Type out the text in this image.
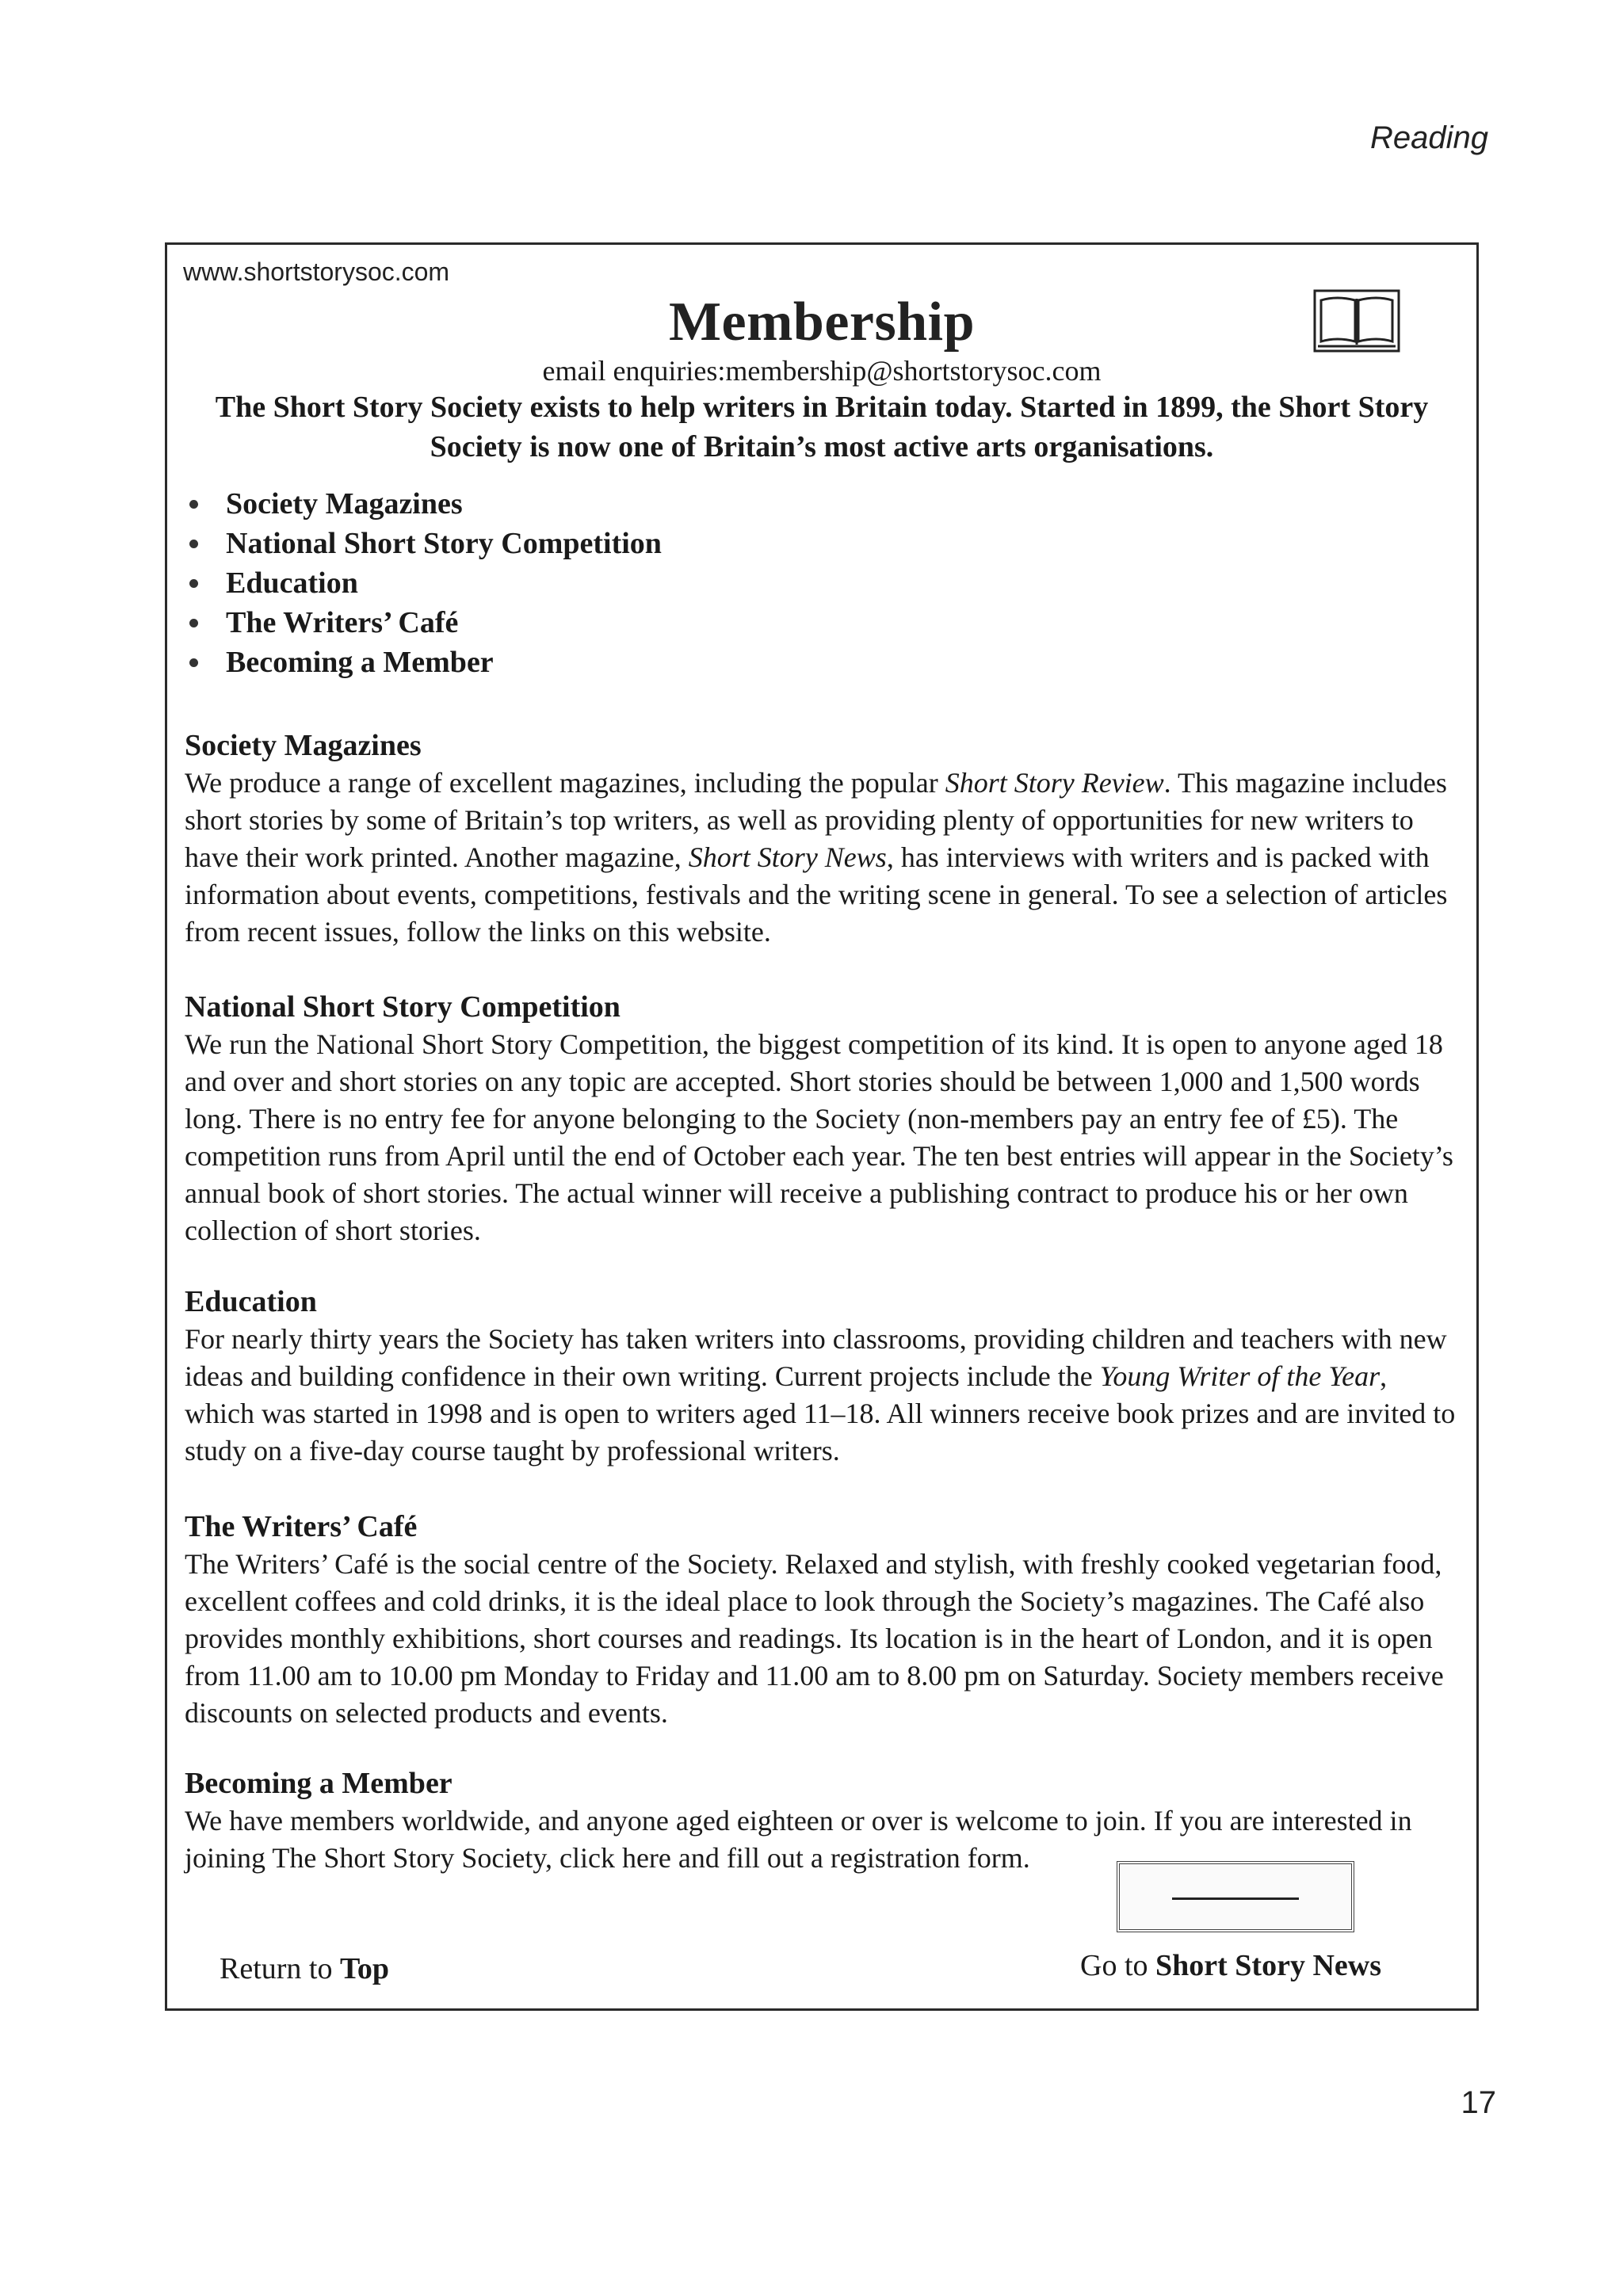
Reading
www.shortstorysoc.com
Membership
email enquiries:membership@shortstorysoc.com
The Short Story Society exists to help writers in Britain today. Started in 1899, the Short Story Society is now one of Britain’s most active arts organisations.
Society Magazines
National Short Story Competition
Education
The Writers’ Café
Becoming a Member
Society Magazines

We produce a range of excellent magazines, including the popular Short Story Review. This magazine includes short stories by some of Britain’s top writers, as well as providing plenty of opportunities for new writers to have their work printed. Another magazine, Short Story News, has interviews with writers and is packed with information about events, competitions, festivals and the writing scene in general. To see a selection of articles from recent issues, follow the links on this website.

National Short Story Competition

We run the National Short Story Competition, the biggest competition of its kind. It is open to anyone aged 18 and over and short stories on any topic are accepted. Short stories should be between 1,000 and 1,500 words long. There is no entry fee for anyone belonging to the Society (non-members pay an entry fee of £5). The competition runs from April until the end of October each year. The ten best entries will appear in the Society’s annual book of short stories. The actual winner will receive a publishing contract to produce his or her own collection of short stories.

Education

For nearly thirty years the Society has taken writers into classrooms, providing children and teachers with new ideas and building confidence in their own writing. Current projects include the Young Writer of the Year, which was started in 1998 and is open to writers aged 11–18. All winners receive book prizes and are invited to study on a five-day course taught by professional writers.

The Writers’ Café

The Writers’ Café is the social centre of the Society. Relaxed and stylish, with freshly cooked vegetarian food, excellent coffees and cold drinks, it is the ideal place to look through the Society’s magazines. The Café also provides monthly exhibitions, short courses and readings. Its location is in the heart of London, and it is open from 11.00 am to 10.00 pm Monday to Friday and 11.00 am to 8.00 pm on Saturday. Society members receive discounts on selected products and events.

Becoming a Member

We have members worldwide, and anyone aged eighteen or over is welcome to join. If you are interested in joining The Short Story Society, click here and fill out a registration form.

Return to Top	Go to Short Story News
17
